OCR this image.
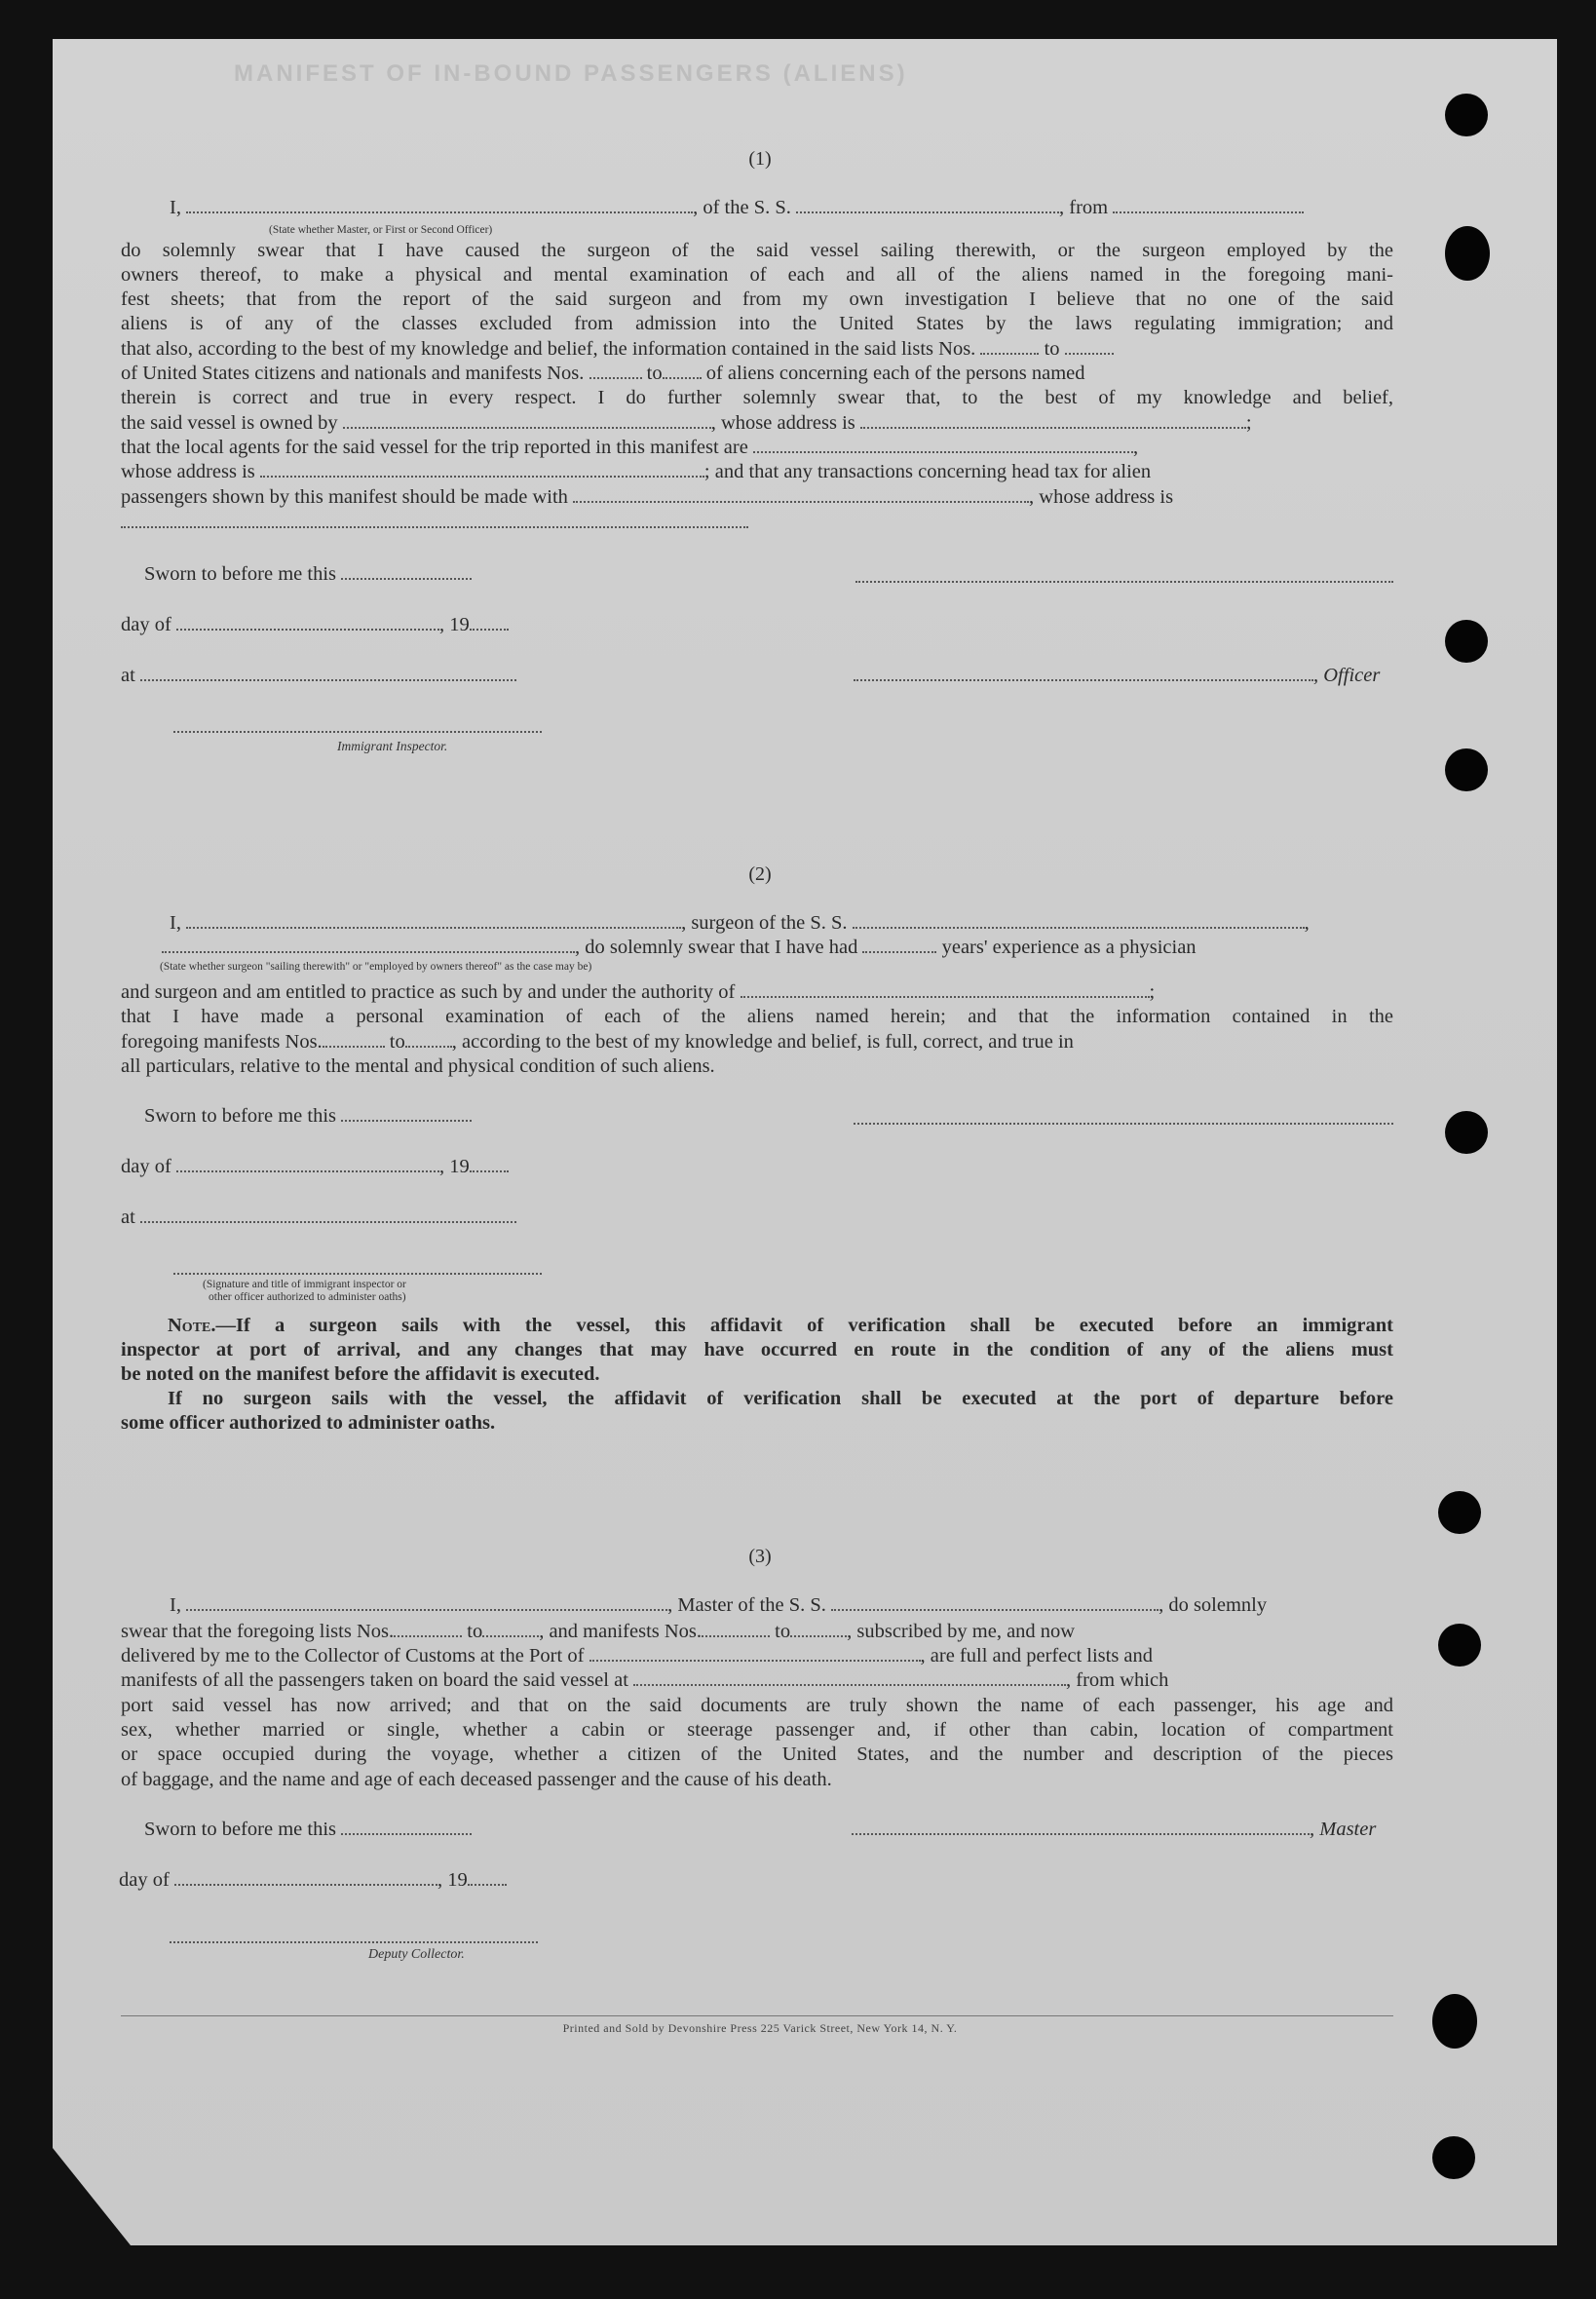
MANIFEST OF IN-BOUND PASSENGERS (ALIENS)
(1)
I,	, of the S. S.	, from
(State whether Master, or First or Second Officer)
do solemnly swear that I have caused the surgeon of the said vessel sailing therewith, or the surgeon employed by the
owners thereof, to make a physical and mental examination of each and all of the aliens named in the foregoing mani-
fest sheets; that from the report of the said surgeon and from my own investigation I believe that no one of the said
aliens is of any of the classes excluded from admission into the United States by the laws regulating immigration; and
that also, according to the best of my knowledge and belief, the information contained in the said lists Nos.	to
of United States citizens and nationals and manifests Nos.	to of aliens concerning each of the persons named
therein is correct and true in every respect. I do further solemnly swear that, to the best of my knowledge and belief,
the said vessel is owned by	, whose address is	;
that the local agents for the said vessel for the trip reported in this manifest are	,
whose address is	; and that any transactions concerning head tax for alien
passengers shown by this manifest should be made with	, whose address is
Sworn to before me this
day of	, 19
at	, Officer
Immigrant Inspector.
(2)
I,	, surgeon of the S. S.	,
, do solemnly swear that I have had	years' experience as a physician
(State whether surgeon "sailing therewith" or "employed by owners thereof" as the case may be)
and surgeon and am entitled to practice as such by and under the authority of	;
that I have made a personal examination of each of the aliens named herein; and that the information contained in the
foregoing manifests Nos.	to , according to the best of my knowledge and belief, is full, correct, and true in
all particulars, relative to the mental and physical condition of such aliens.
Sworn to before me this
day of	, 19
at
(Signature and title of immigrant inspector or
other officer authorized to administer oaths)
Note.—If a surgeon sails with the vessel, this affidavit of verification shall be executed before an immigrant
inspector at port of arrival, and any changes that may have occurred en route in the condition of any of the aliens must
be noted on the manifest before the affidavit is executed.
If no surgeon sails with the vessel, the affidavit of verification shall be executed at the port of departure before
some officer authorized to administer oaths.
(3)
I,	, Master of the S. S.	, do solemnly
swear that the foregoing lists Nos.	to	, and manifests Nos.	to	, subscribed by me, and now
delivered by me to the Collector of Customs at the Port of	, are full and perfect lists and
manifests of all the passengers taken on board the said vessel at	, from which
port said vessel has now arrived; and that on the said documents are truly shown the name of each passenger, his age and
sex, whether married or single, whether a cabin or steerage passenger and, if other than cabin, location of compartment
or space occupied during the voyage, whether a citizen of the United States, and the number and description of the pieces
of baggage, and the name and age of each deceased passenger and the cause of his death.
Sworn to before me this	, Master
day of	, 19
Deputy Collector.
Printed and Sold by Devonshire Press 225 Varick Street, New York 14, N. Y.
